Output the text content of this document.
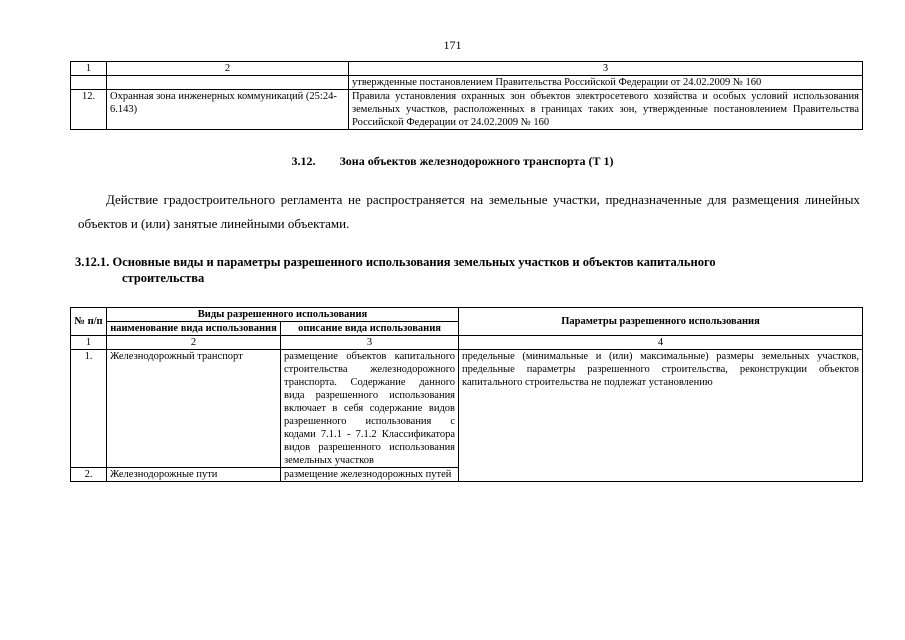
171
1	2	3
		утвержденные постановлением Правительства Российской Федерации от 24.02.2009 № 160
12.	Охранная зона инженерных коммуникаций (25:24-6.143)	Правила установления охранных зон объектов электросетевого хозяйства и особых условий использования земельных участков, расположенных в границах таких зон, утвержденные постановлением Правительства Российской Федерации от 24.02.2009 № 160
3.12. Зона объектов железнодорожного транспорта (Т 1)
Действие градостроительного регламента не распространяется на земельные участки, предназначенные для размещения линейных объектов и (или) занятые линейными объектами.
3.12.1. Основные виды и параметры разрешенного использования земельных участков и объектов капитального
строительства
№ п/п	Виды разрешенного использования		Параметры разрешенного использования
	наименование вида использования	описание вида использования	
1	2	3	4
1.	Железнодорожный транспорт	размещение объектов капитального строительства железнодорожного транспорта. Содержание данного вида разрешенного использования включает в себя содержание видов разрешенного использования с кодами 7.1.1 - 7.1.2 Классификатора видов разрешенного использования земельных участков	предельные (минимальные и (или) максимальные) размеры земельных участков, предельные параметры разрешенного строительства, реконструкции объектов капитального строительства не подлежат установлению
2.	Железнодорожные пути	размещение железнодорожных путей	
